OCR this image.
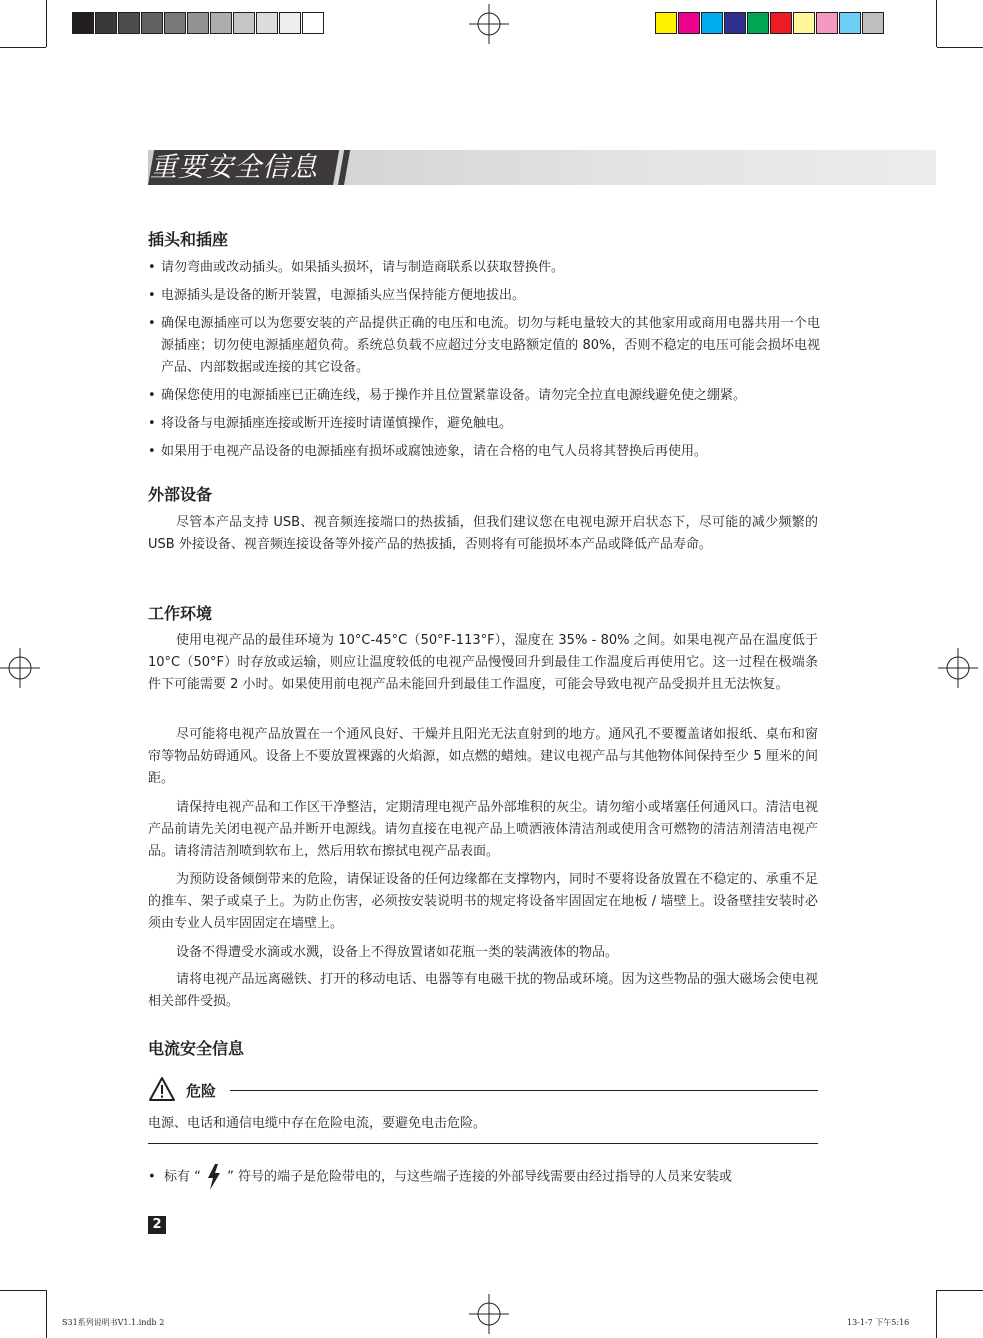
重要安全信息
插头和插座
• 请勿弯曲或改动插头。如果插头损坏，请与制造商联系以获取替换件。
• 电源插头是设备的断开装置，电源插头应当保持能方便地拔出。
• 确保电源插座可以为您要安装的产品提供正确的电压和电流。切勿与耗电量较大的其他家用或商用电器共用一个电源插座；切勿使电源插座超负荷。系统总负载不应超过分支电路额定值的 80%，否则不稳定的电压可能会损坏电视产品、内部数据或连接的其它设备。
• 确保您使用的电源插座已正确连线，易于操作并且位置紧靠设备。请勿完全拉直电源线避免使之绷紧。
• 将设备与电源插座连接或断开连接时请谨慎操作，避免触电。
• 如果用于电视产品设备的电源插座有损坏或腐蚀迹象，请在合格的电气人员将其替换后再使用。
外部设备

尽管本产品支持 USB、视音频连接端口的热拔插，但我们建议您在电视电源开启状态下，尽可能的减少频繁的 USB 外接设备、视音频连接设备等外接产品的热拔插，否则将有可能损坏本产品或降低产品寿命。

工作环境

使用电视产品的最佳环境为 10°C-45°C（50°F-113°F），湿度在 35% - 80% 之间。如果电视产品在温度低于 10°C（50°F）时存放或运输，则应让温度较低的电视产品慢慢回升到最佳工作温度后再使用它。这一过程在极端条件下可能需要 2 小时。如果使用前电视产品未能回升到最佳工作温度，可能会导致电视产品受损并且无法恢复。

尽可能将电视产品放置在一个通风良好、干燥并且阳光无法直射到的地方。通风孔不要覆盖诸如报纸、桌布和窗帘等物品妨碍通风。设备上不要放置裸露的火焰源，如点燃的蜡烛。建议电视产品与其他物体间保持至少 5 厘米的间距。

请保持电视产品和工作区干净整洁，定期清理电视产品外部堆积的灰尘。请勿缩小或堵塞任何通风口。清洁电视产品前请先关闭电视产品并断开电源线。请勿直接在电视产品上喷洒液体清洁剂或使用含可燃物的清洁剂清洁电视产品。请将清洁剂喷到软布上，然后用软布擦拭电视产品表面。

为预防设备倾倒带来的危险，请保证设备的任何边缘都在支撑物内，同时不要将设备放置在不稳定的、承重不足的推车、架子或桌子上。为防止伤害，必须按安装说明书的规定将设备牢固固定在地板 / 墙壁上。设备壁挂安装时必须由专业人员牢固固定在墙壁上。

设备不得遭受水滴或水溅，设备上不得放置诸如花瓶一类的装满液体的物品。

请将电视产品远离磁铁、打开的移动电话、电器等有电磁干扰的物品或环境。因为这些物品的强大磁场会使电视相关部件受损。

电流安全信息
危险
电源、电话和通信电缆中存在危险电流，要避免电击危险。
•  标有 “ ” 符号的端子是危险带电的，与这些端子连接的外部导线需要由经过指导的人员来安装或
2
S31系列说明书V1.1.indb 2	13-1-7 下午5:16
